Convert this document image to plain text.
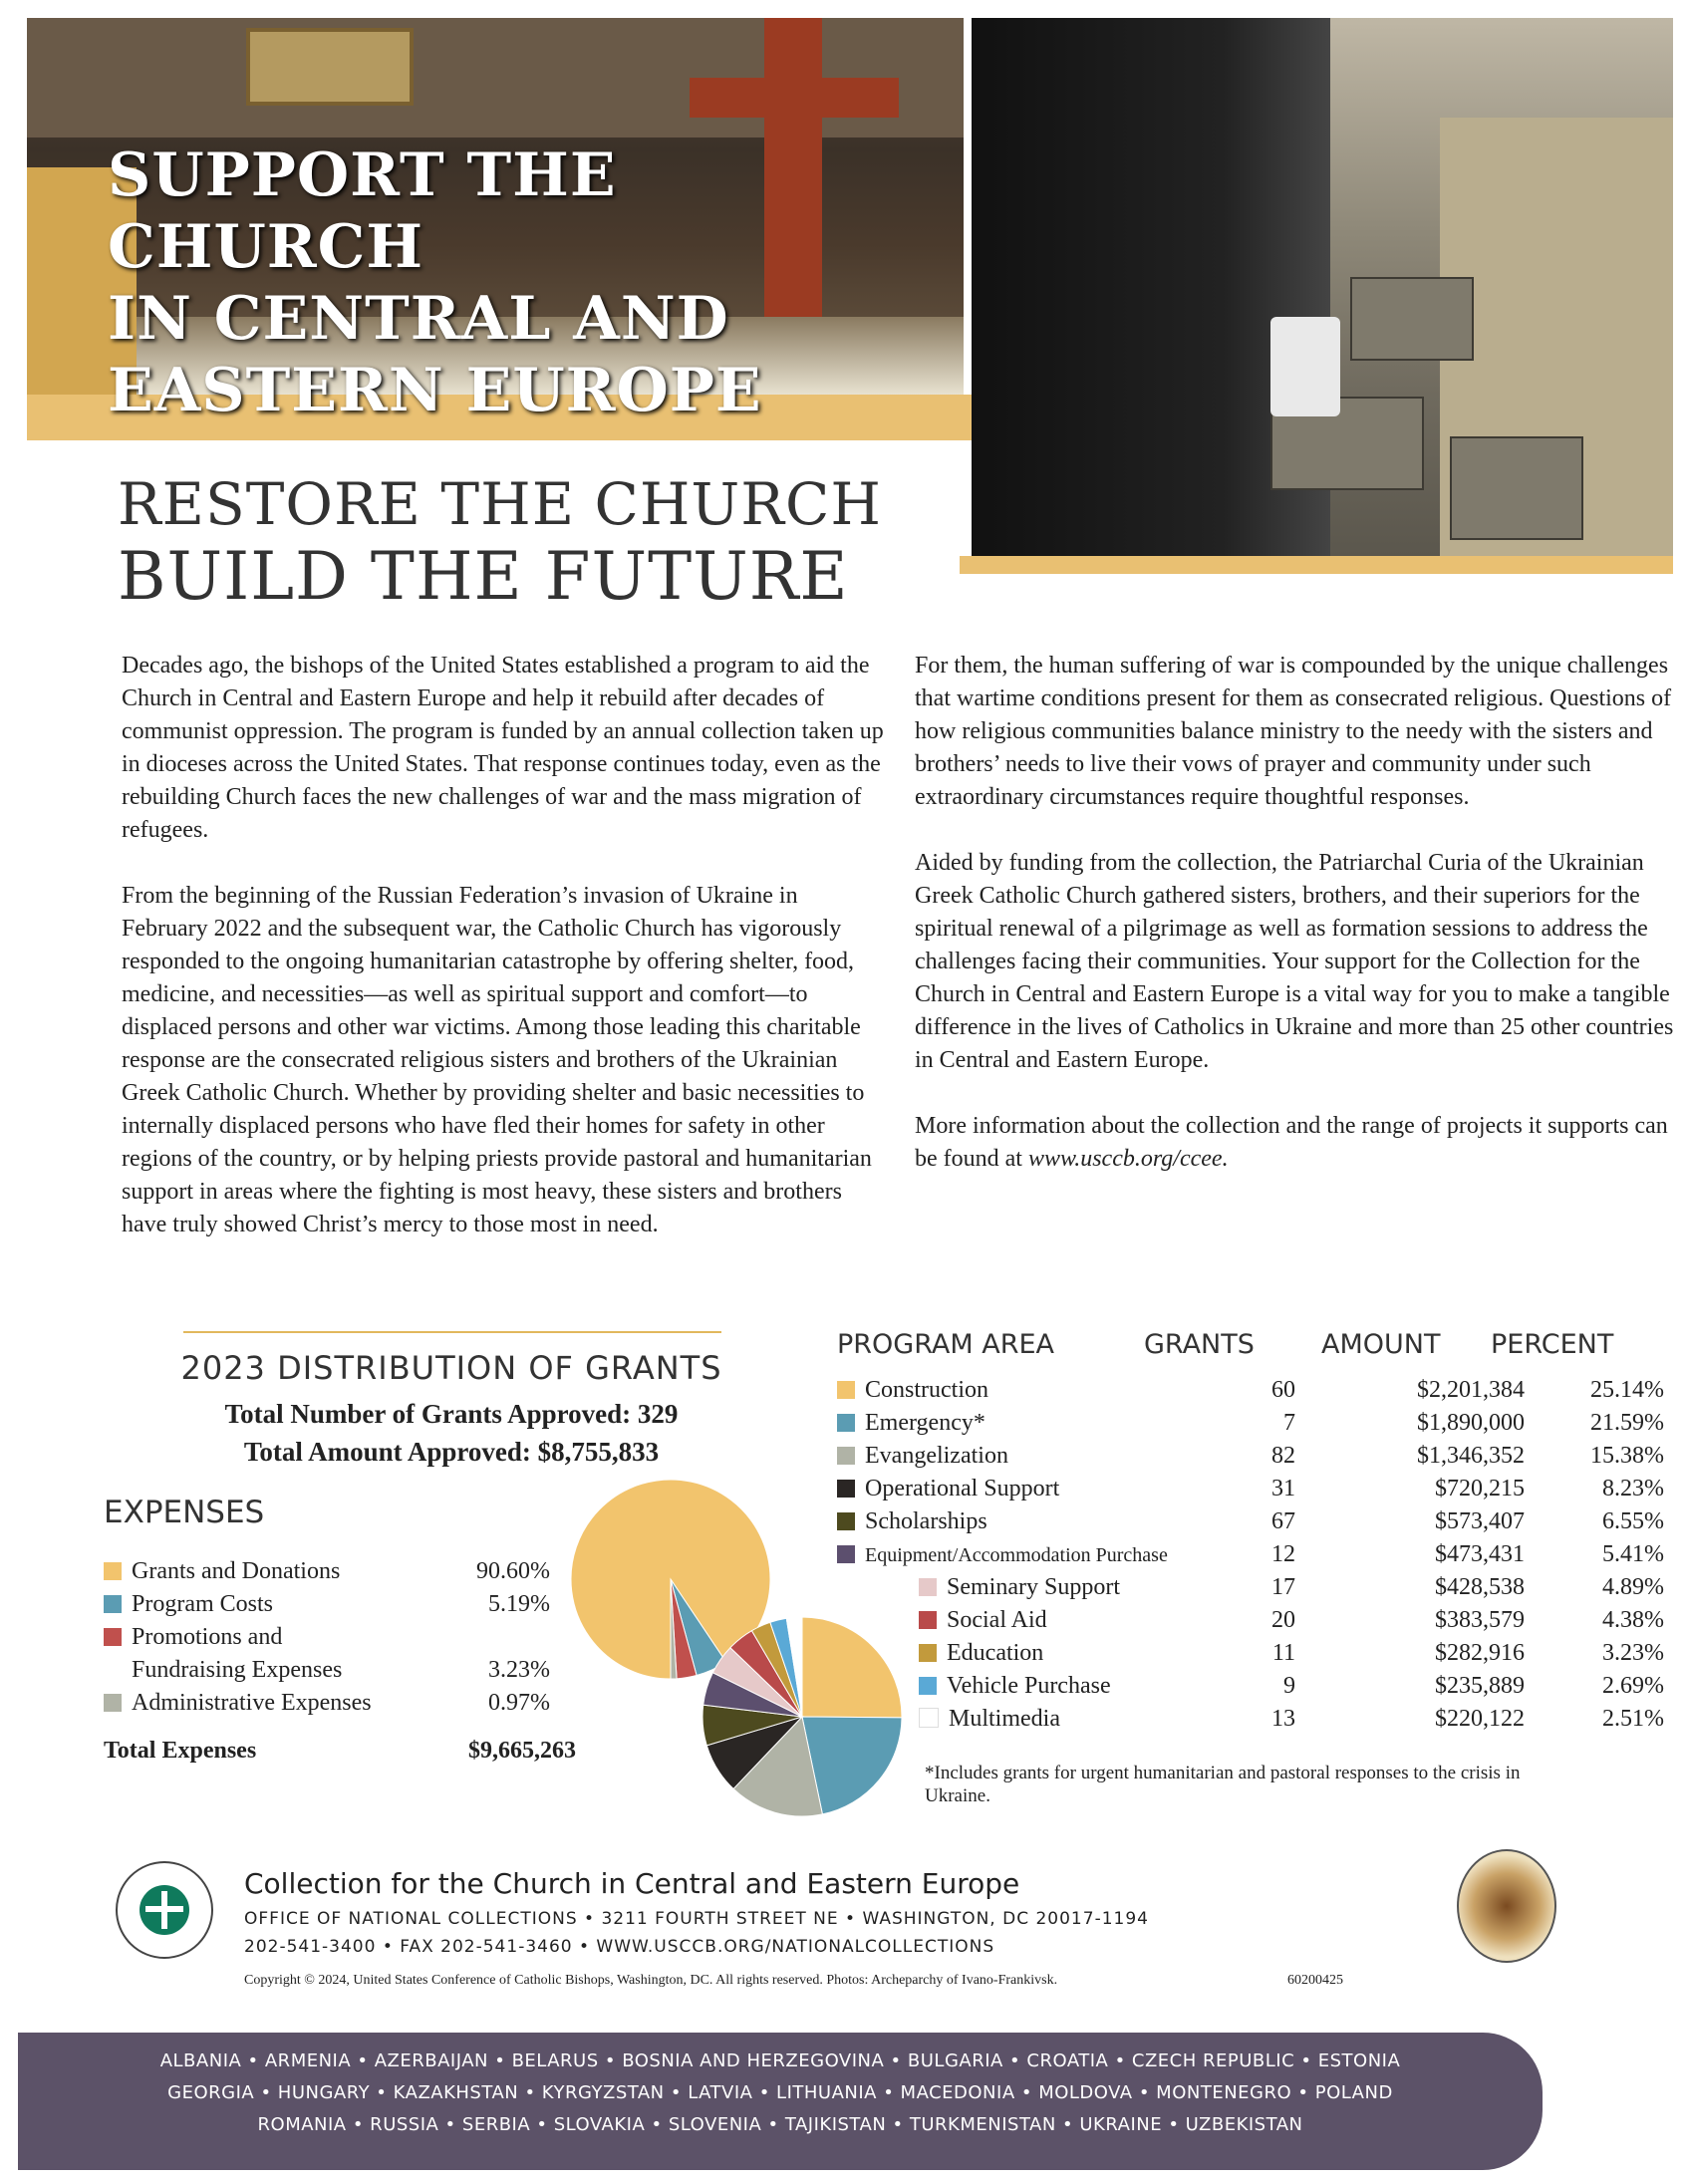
SUPPORT THE CHURCH
IN CENTRAL AND
EASTERN EUROPE
RESTORE THE CHURCH
BUILD THE FUTURE

Decades ago, the bishops of the United States established a program to aid the Church in Central and Eastern Europe and help it rebuild after decades of communist oppression. The program is funded by an annual collection taken up in dioceses across the United States. That response continues today, even as the rebuilding Church faces the new challenges of war and the mass migration of refugees.

From the beginning of the Russian Federation’s invasion of Ukraine in February 2022 and the subsequent war, the Catholic Church has vigorously responded to the ongoing humanitarian catastrophe by offering shelter, food, medicine, and necessities—as well as spiritual support and comfort—to displaced persons and other war victims. Among those leading this charitable response are the consecrated religious sisters and brothers of the Ukrainian Greek Catholic Church. Whether by providing shelter and basic necessities to internally displaced persons who have fled their homes for safety in other regions of the country, or by helping priests provide pastoral and humanitarian support in areas where the fighting is most heavy, these sisters and brothers have truly showed Christ’s mercy to those most in need.

For them, the human suffering of war is compounded by the unique challenges that wartime conditions present for them as consecrated religious. Questions of how religious communities balance ministry to the needy with the sisters and brothers’ needs to live their vows of prayer and community under such extraordinary circumstances require thoughtful responses.

Aided by funding from the collection, the Patriarchal Curia of the Ukrainian Greek Catholic Church gathered sisters, brothers, and their superiors for the spiritual renewal of a pilgrimage as well as formation sessions to address the challenges facing their communities. Your support for the Collection for the Church in Central and Eastern Europe is a vital way for you to make a tangible difference in the lives of Catholics in Ukraine and more than 25 other countries in Central and Eastern Europe.

More information about the collection and the range of projects it supports can be found at www.usccb.org/ccee.

2023 DISTRIBUTION OF GRANTS
Total Number of Grants Approved: 329
Total Amount Approved: $8,755,833
EXPENSES
Grants and Donations	90.60%
Program Costs	5.19%
Promotions and
Fundraising Expenses	3.23%
Administrative Expenses	0.97%
Total Expenses	$9,665,263
PROGRAM AREA	GRANTS AMOUNT PERCENT
Construction	60	$2,201,384	25.14%
Emergency*	7	$1,890,000	21.59%
Evangelization	82	$1,346,352	15.38%
Operational Support	31	$720,215	8.23%
Scholarships	67	$573,407	6.55%
Equipment/Accommodation Purchase	12	$473,431	5.41%
Seminary Support	17	$428,538	4.89%
Social Aid	20	$383,579	4.38%
Education	11	$282,916	3.23%
Vehicle Purchase	9	$235,889	2.69%
Multimedia	13	$220,122	2.51%
*Includes grants for urgent humanitarian and pastoral responses to the crisis in Ukraine.
Collection for the Church in Central and Eastern Europe
OFFICE OF NATIONAL COLLECTIONS • 3211 FOURTH STREET NE • WASHINGTON, DC 20017-1194
202-541-3400 • FAX 202-541-3460 • WWW.USCCB.ORG/NATIONALCOLLECTIONS
Copyright © 2024, United States Conference of Catholic Bishops, Washington, DC. All rights reserved. Photos: Archeparchy of Ivano-Frankivsk.	60200425
ALBANIA • ARMENIA • AZERBAIJAN • BELARUS • BOSNIA AND HERZEGOVINA • BULGARIA • CROATIA • CZECH REPUBLIC • ESTONIA
GEORGIA • HUNGARY • KAZAKHSTAN • KYRGYZSTAN • LATVIA • LITHUANIA • MACEDONIA • MOLDOVA • MONTENEGRO • POLAND
ROMANIA • RUSSIA • SERBIA • SLOVAKIA • SLOVENIA • TAJIKISTAN • TURKMENISTAN • UKRAINE • UZBEKISTAN
